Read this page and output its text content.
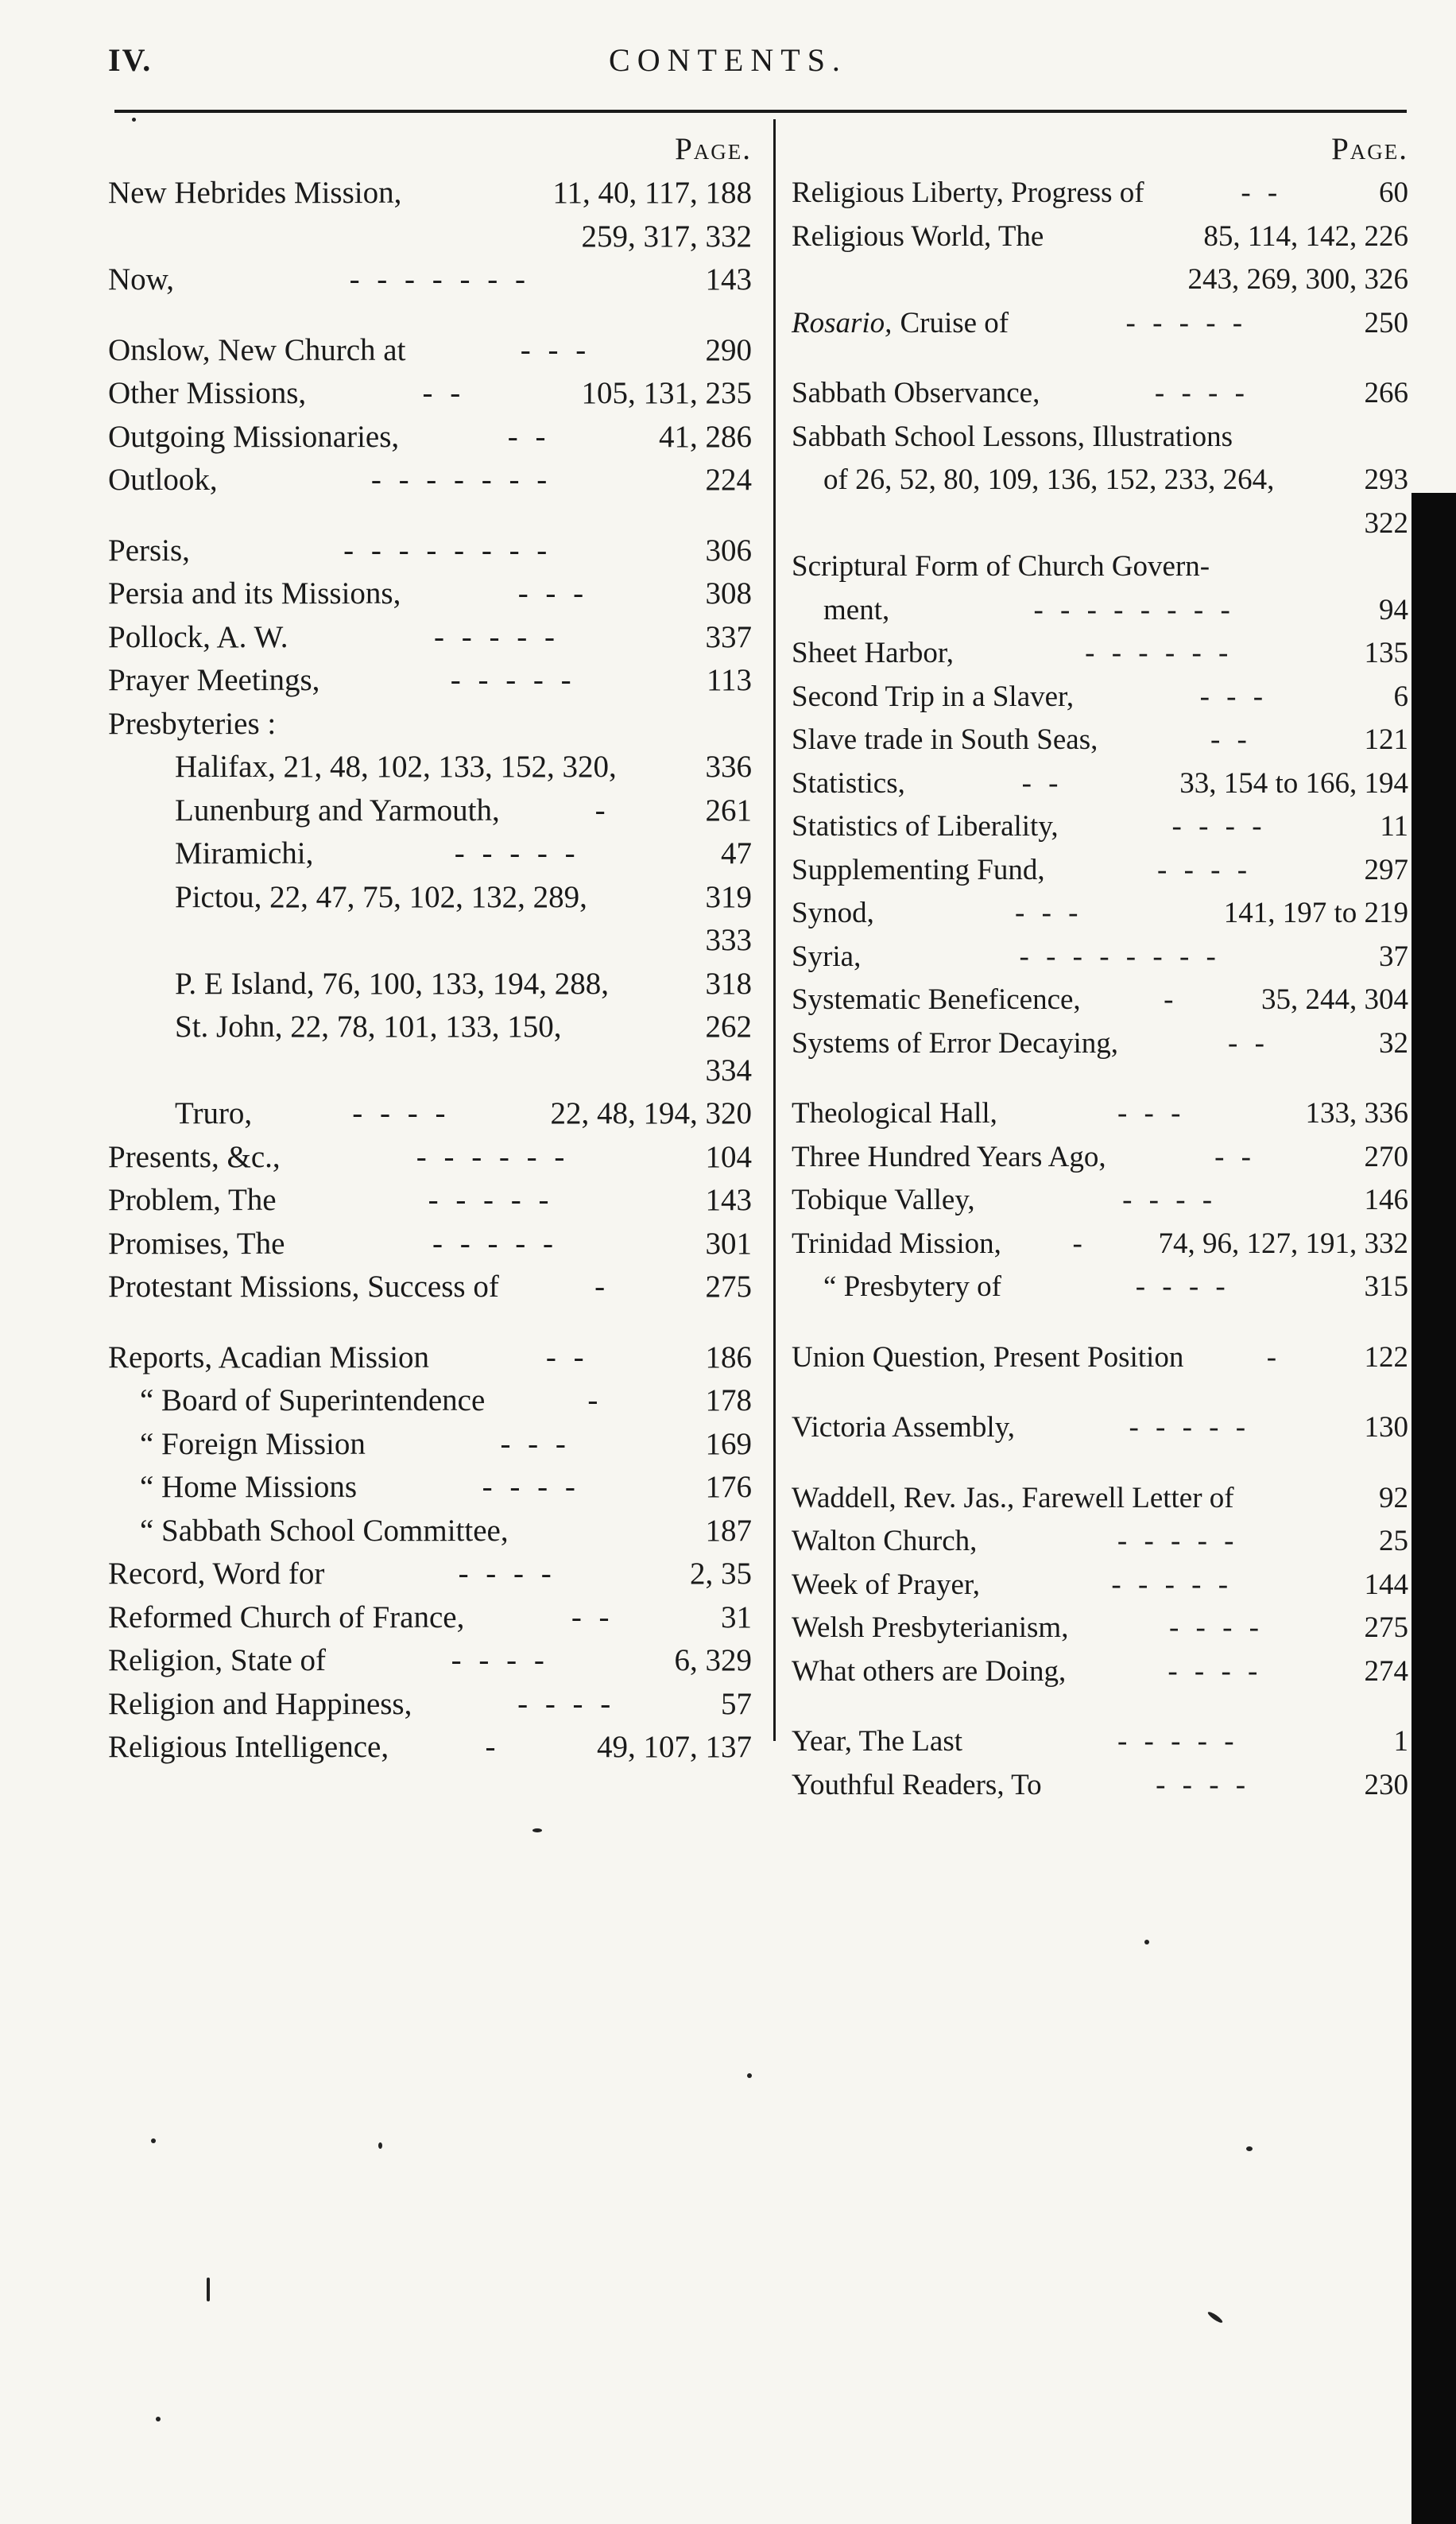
IV.	CONTENTS.
Page.
New Hebrides Mission,	11, 40, 117, 188
259, 317, 332
Now,	- - - - - - -	143
Onslow, New Church at	- - -	290
Other Missions,	- -	105, 131, 235
Outgoing Missionaries,	- -	41, 286
Outlook,	- - - - - - -	224
Persis,	- - - - - - - -	306
Persia and its Missions,	- - -	308
Pollock, A. W.	- - - - -	337
Prayer Meetings,	- - - - -	113
Presbyteries :
Halifax, 21, 48, 102, 133, 152, 320,	336
Lunenburg and Yarmouth,	-	261
Miramichi,	- - - - -	47
Pictou, 22, 47, 75, 102, 132, 289,	319
333
P. E Island, 76, 100, 133, 194, 288,	318
St. John, 22, 78, 101, 133, 150,	262
334
Truro,	- - - -	22, 48, 194, 320
Presents, &c.,	- - - - - -	104
Problem, The	- - - - -	143
Promises, The	- - - - -	301
Protestant Missions, Success of	-	275
Reports, Acadian Mission	- -	186
“ Board of Superintendence	-	178
“ Foreign Mission	- - -	169
“ Home Missions	- - - -	176
“ Sabbath School Committee,	187
Record, Word for	- - - -	2, 35
Reformed Church of France,	- -	31
Religion, State of	- - - -	6, 329
Religion and Happiness,	- - - -	57
Religious Intelligence,	-	49, 107, 137
Page.
Religious Liberty, Progress of	- -	60
Religious World, The	85, 114, 142, 226
243, 269, 300, 326
Rosario, Cruise of	- - - - -	250
Sabbath Observance,	- - - -	266
Sabbath School Lessons, Illustrations
of 26, 52, 80, 109, 136, 152, 233, 264,	293
322
Scriptural Form of Church Govern-
ment,	- - - - - - - -	94
Sheet Harbor,	- - - - - -	135
Second Trip in a Slaver,	- - -	6
Slave trade in South Seas,	- -	121
Statistics,	- -	33, 154 to 166, 194
Statistics of Liberality,	- - - -	11
Supplementing Fund,	- - - -	297
Synod,	- - -	141, 197 to 219
Syria,	- - - - - - - -	37
Systematic Beneficence,	-	35, 244, 304
Systems of Error Decaying,	- -	32
Theological Hall,	- - -	133, 336
Three Hundred Years Ago,	- -	270
Tobique Valley,	- - - -	146
Trinidad Mission,	-	74, 96, 127, 191, 332
“ Presbytery of	- - - -	315
Union Question, Present Position	-	122
Victoria Assembly,	- - - - -	130
Waddell, Rev. Jas., Farewell Letter of	92
Walton Church,	- - - - -	25
Week of Prayer,	- - - - -	144
Welsh Presbyterianism,	- - - -	275
What others are Doing,	- - - -	274
Year, The Last	- - - - -	1
Youthful Readers, To	- - - -	230
